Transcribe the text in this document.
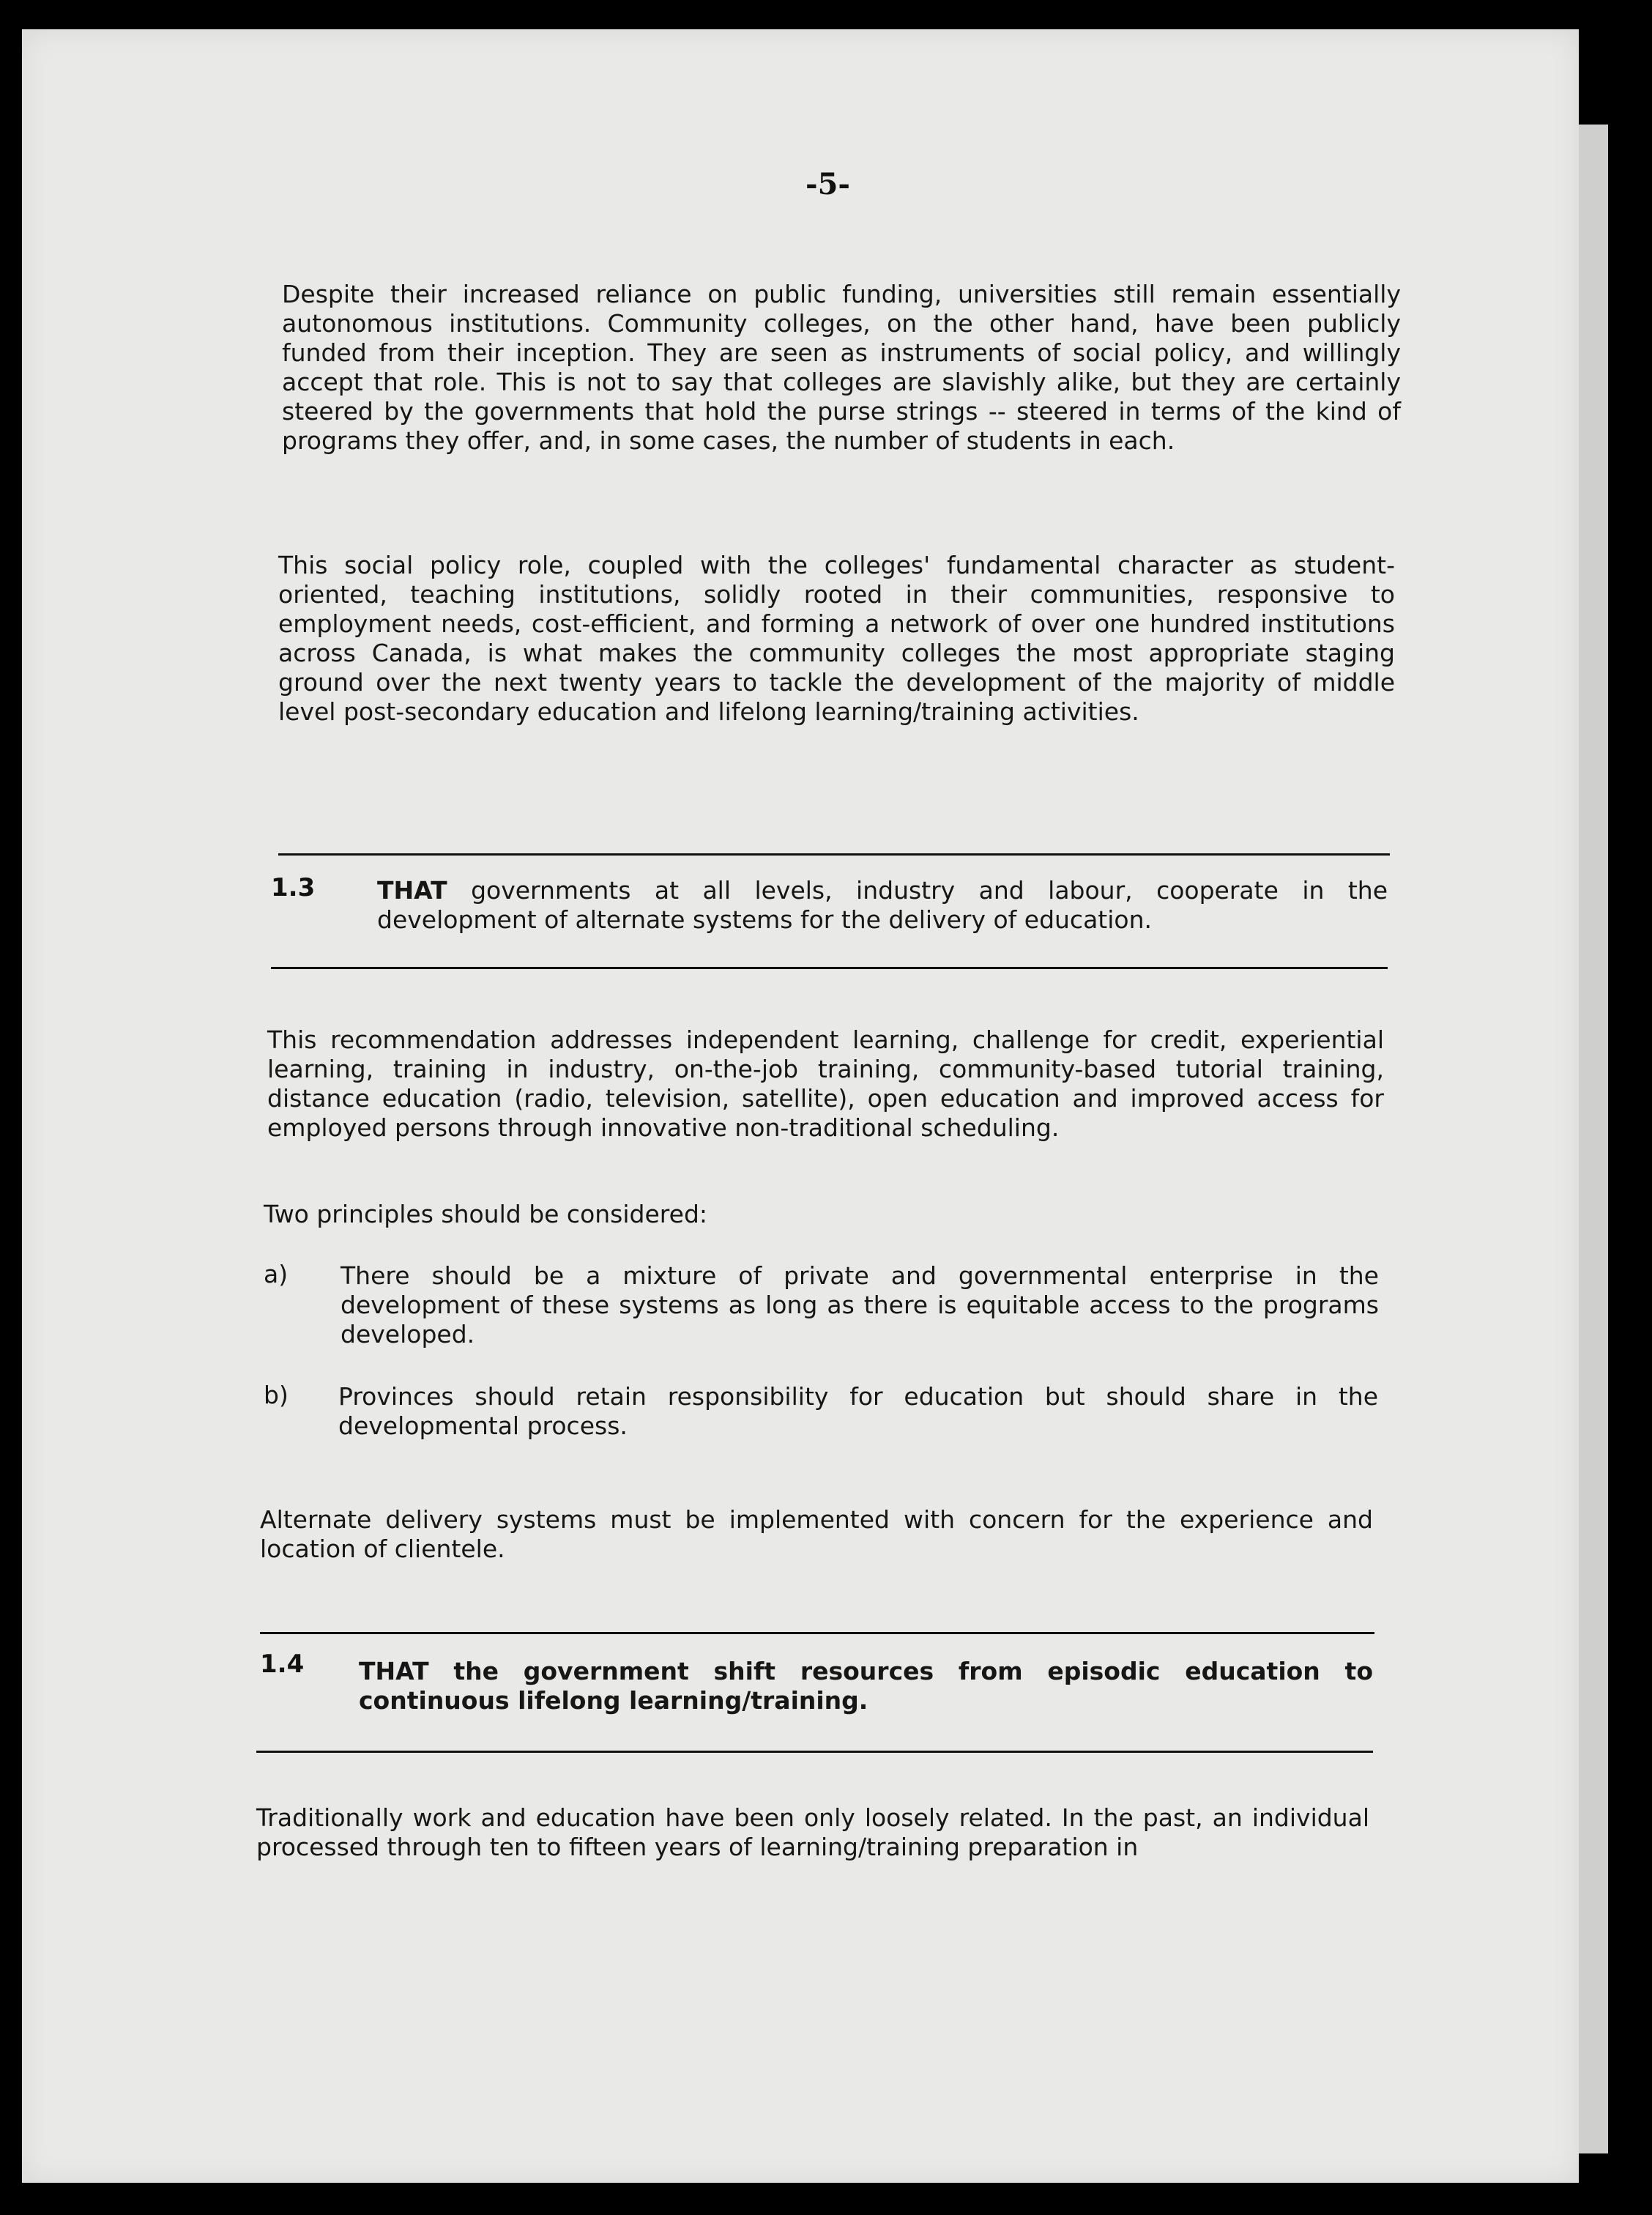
-5-
Despite their increased reliance on public funding, universities still remain essentially autonomous institutions. Community colleges, on the other hand, have been publicly funded from their inception. They are seen as instruments of social policy, and willingly accept that role. This is not to say that colleges are slavishly alike, but they are certainly steered by the governments that hold the purse strings -- steered in terms of the kind of programs they offer, and, in some cases, the number of students in each.
This social policy role, coupled with the colleges' fundamental character as student-oriented, teaching institutions, solidly rooted in their communities, responsive to employment needs, cost-efficient, and forming a network of over one hundred institutions across Canada, is what makes the community colleges the most appropriate staging ground over the next twenty years to tackle the development of the majority of middle level post-secondary education and lifelong learning/training activities.
1.3	THAT governments at all levels, industry and labour, cooperate in the development of alternate systems for the delivery of education.
This recommendation addresses independent learning, challenge for credit, experiential learning, training in industry, on-the-job training, community-based tutorial training, distance education (radio, television, satellite), open education and improved access for employed persons through innovative non-traditional scheduling.
Two principles should be considered:
a) There should be a mixture of private and governmental enterprise in the development of these systems as long as there is equitable access to the programs developed.
b) Provinces should retain responsibility for education but should share in the developmental process.
Alternate delivery systems must be implemented with concern for the experience and location of clientele.
1.4 THAT the government shift resources from episodic education to continuous lifelong learning/training.
Traditionally work and education have been only loosely related. In the past, an individual processed through ten to fifteen years of learning/training preparation in
